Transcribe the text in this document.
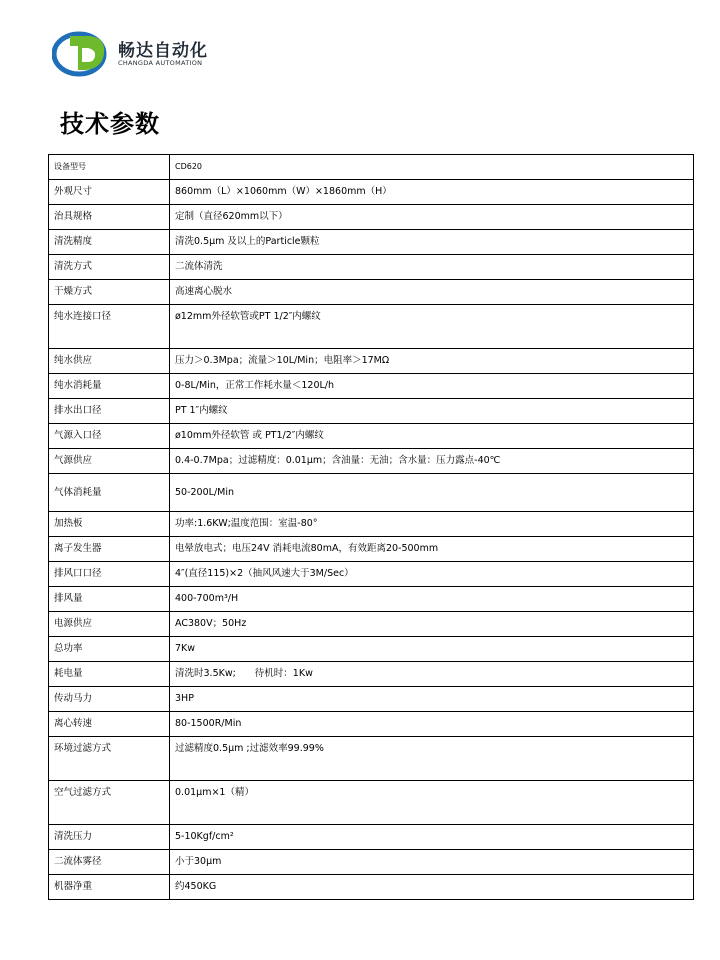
畅达自动化
CHANGDA AUTOMATION
技术参数
设备型号	CD620
外观尺寸	860mm（L）×1060mm（W）×1860mm（H）
治具规格	定制（直径620mm以下）
清洗精度	清洗0.5μm 及以上的Particle颗粒
清洗方式	二流体清洗
干燥方式	高速离心脱水
纯水连接口径	ø12mm外径软管或PT 1/2″内螺纹
纯水供应	压力＞0.3Mpa；流量＞10L/Min；电阻率＞17MΩ
纯水消耗量	0-8L/Min，正常工作耗水量＜120L/h
排水出口径	PT 1″内螺纹
气源入口径	ø10mm外径软管 或 PT1/2″内螺纹
气源供应	0.4-0.7Mpa；过滤精度：0.01μm；含油量：无油；含水量：压力露点-40℃
气体消耗量	50-200L/Min
加热板	功率:1.6KW;温度范围：室温-80°
离子发生器	电晕放电式；电压24V 消耗电流80mA，有效距离20-500mm
排风口口径	4″(直径115)×2（抽风风速大于3M/Sec）
排风量	400-700m³/H
电源供应	AC380V；50Hz
总功率	7Kw
耗电量	清洗时3.5Kw;　　待机时：1Kw
传动马力	3HP
离心转速	80-1500R/Min
环境过滤方式	过滤精度0.5μm ;过滤效率99.99%
空气过滤方式	0.01μm×1（精）
清洗压力	5-10Kgf/cm²
二流体雾径	小于30μm
机器净重	约450KG
